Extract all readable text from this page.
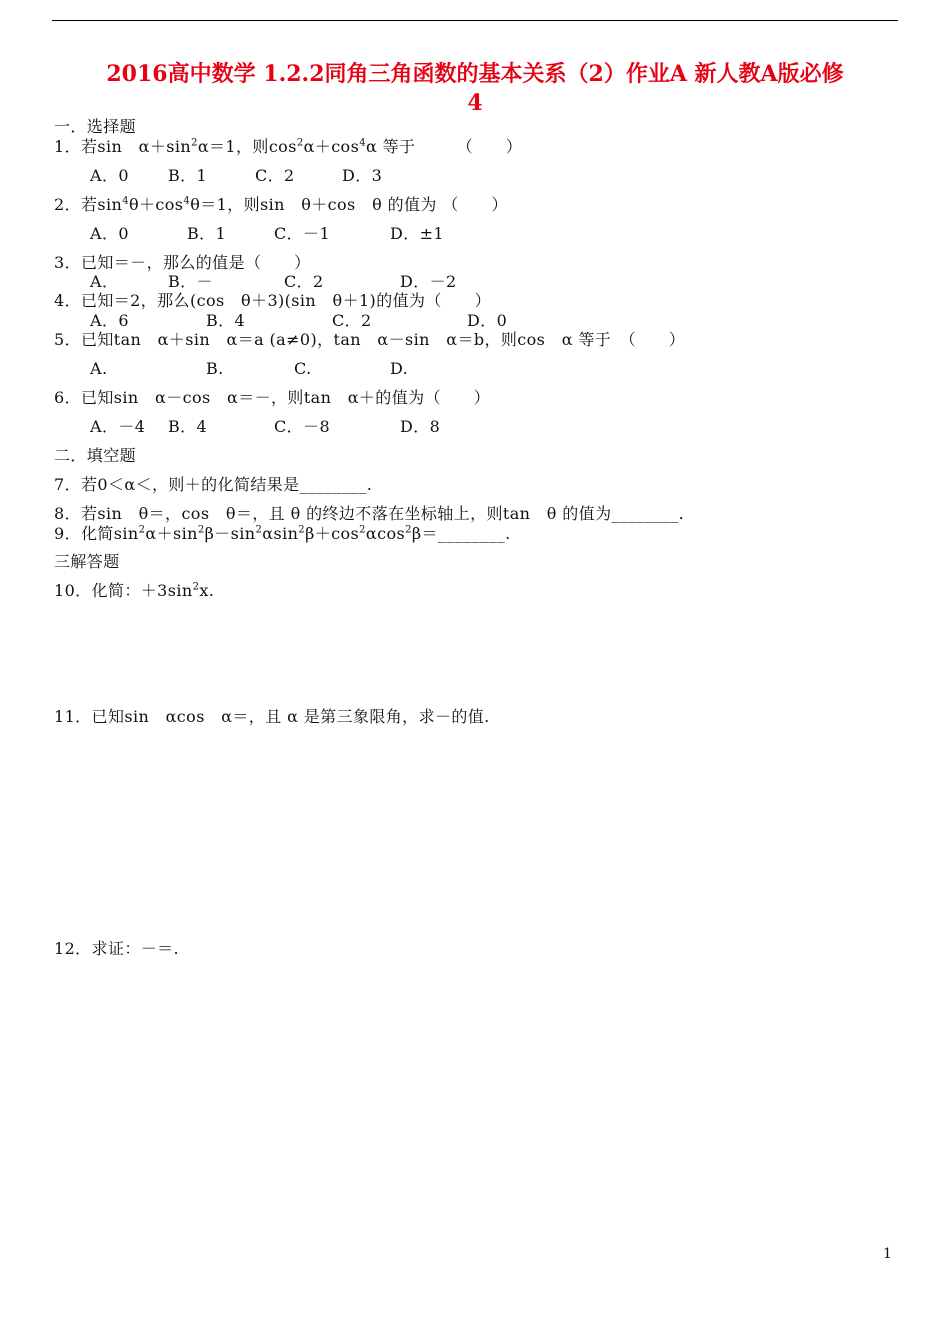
2016高中数学 1.2.2同角三角函数的基本关系（2）作业A 新人教A版必修
4
一．选择题
1．若sin　$\alpha+\sin^2\alpha=1$，则$\cos^2\alpha+\cos^4\alpha$ 等于　　　（　　）
A．0 B．1	C．2	D．3
2．若$\sin^4\theta+\cos^4\theta=1$，则sin　θ＋cos　θ 的值为 （　　）
A．0	B．1	C．－1	D．±1
3．已知＝－，那么的值是（　　）
A．	B．－	C．2	D．－2
4．已知＝2，那么(cos　θ＋3)(sin　θ＋1)的值为（　　）
A．6	B．4	C．2	D．0
5．已知tan　α＋sin　α＝a (a≠0)，tan　α－sin　α＝b，则cos　α 等于　（　　）
A.	B.	C.	D.
6．已知sin　α－cos　α＝－，则tan　α＋的值为（　　）
A．－4 B．4	C．－8	D．8
二．填空题
7．若0＜α＜，则＋的化简结果是________.
8．若sin　θ＝，cos　θ＝，且 θ 的终边不落在坐标轴上，则tan　θ 的值为________.
9．化简$\sin^2\alpha+\sin^2\beta-\sin^2\alpha\sin^2\beta+\cos^2\alpha\cos^2\beta=\_\_\_\_\_\_\_\_$.
三解答题
10．化简：$+3\sin^2x$.
11．已知sin　αcos　α＝，且 α 是第三象限角，求－的值.
12．求证：－＝.
1
